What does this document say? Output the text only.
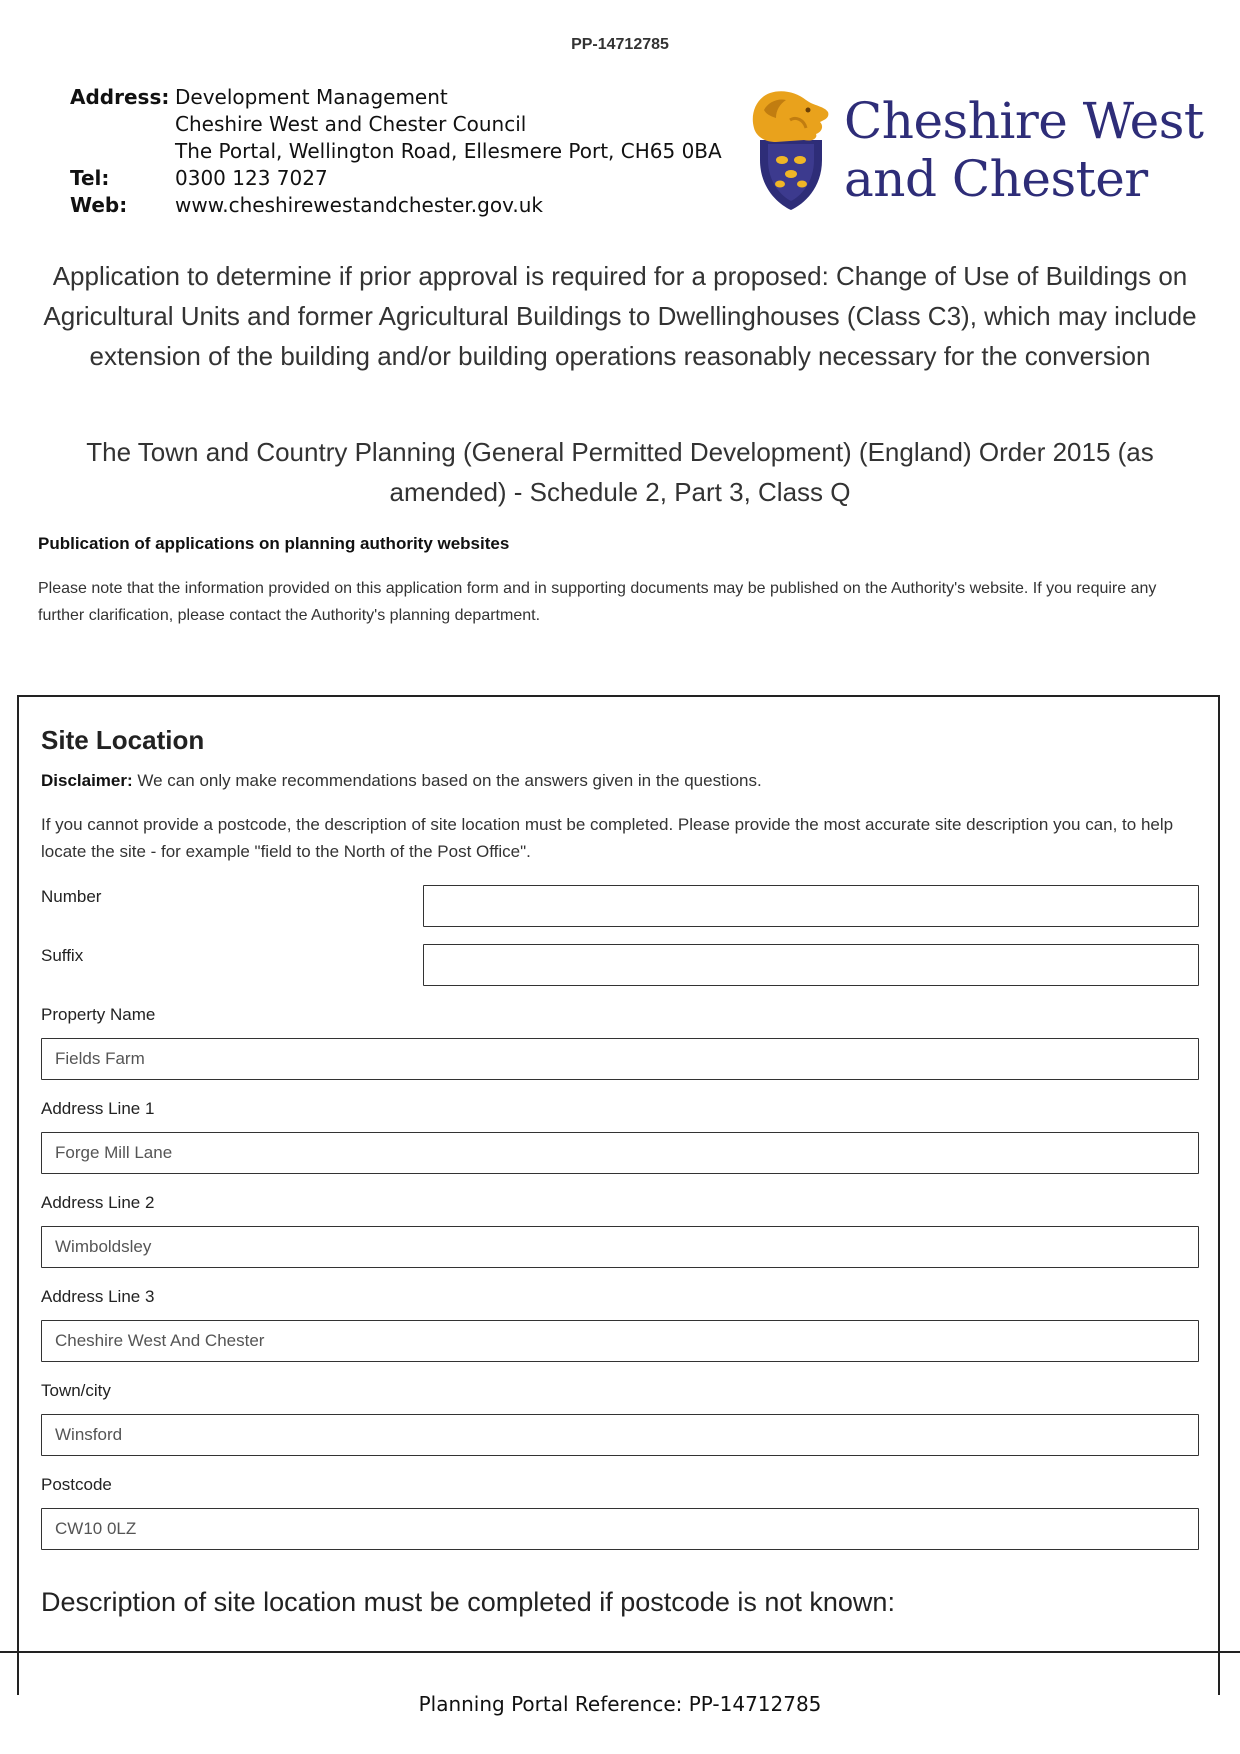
PP-14712785
Address: Development Management
Cheshire West and Chester Council
The Portal, Wellington Road, Ellesmere Port, CH65 0BA
Tel:	0300 123 7027
Web:	www.cheshirewestandchester.gov.uk
Cheshire West
and Chester
Application to determine if prior approval is required for a proposed: Change of Use of Buildings on Agricultural Units and former Agricultural Buildings to Dwellinghouses (Class C3), which may include extension of the building and/or building operations reasonably necessary for the conversion
The Town and Country Planning (General Permitted Development) (England) Order 2015 (as amended) - Schedule 2, Part 3, Class Q
Publication of applications on planning authority websites

Please note that the information provided on this application form and in supporting documents may be published on the Authority's website. If you require any further clarification, please contact the Authority's planning department.

Site Location

Disclaimer: We can only make recommendations based on the answers given in the questions.

If you cannot provide a postcode, the description of site location must be completed. Please provide the most accurate site description you can, to help locate the site - for example "field to the North of the Post Office".

Number
Suffix
Property Name
Fields Farm
Address Line 1
Forge Mill Lane
Address Line 2
Wimboldsley
Address Line 3
Cheshire West And Chester
Town/city
Winsford
Postcode
CW10 0LZ
Description of site location must be completed if postcode is not known:
Planning Portal Reference: PP-14712785
